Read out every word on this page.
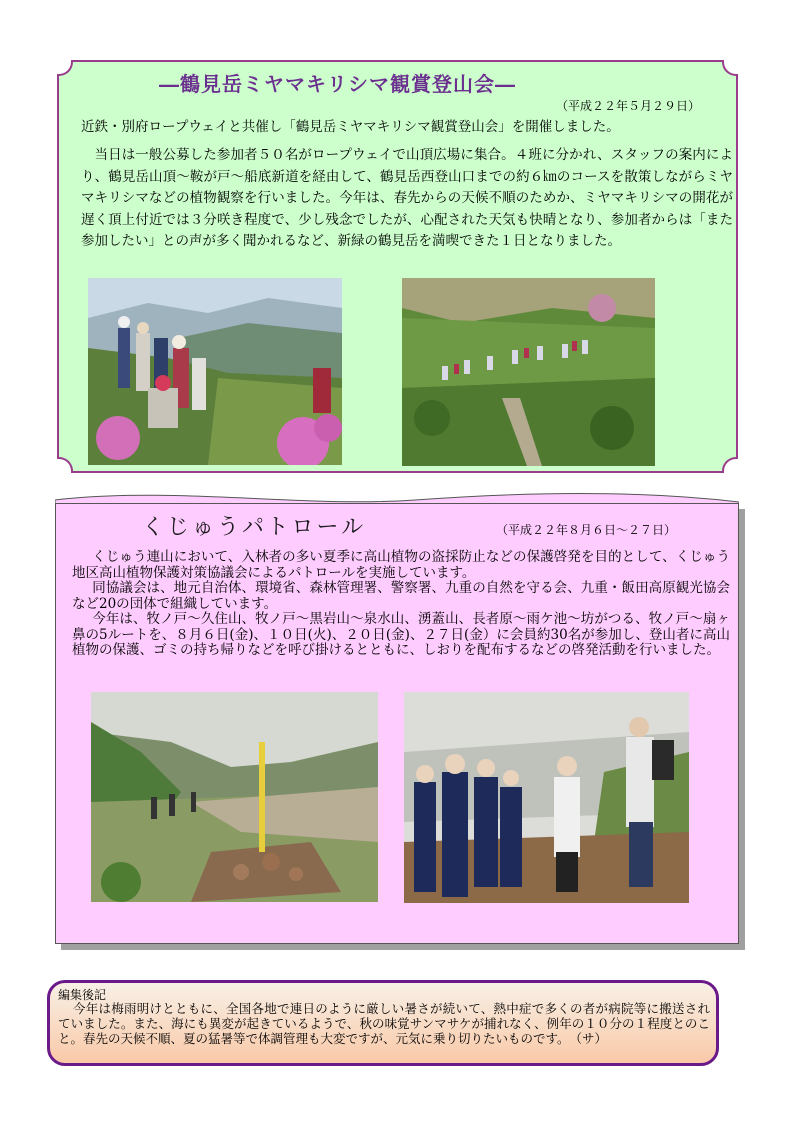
―鶴見岳ミヤマキリシマ観賞登山会―
（平成２２年５月２９日）
近鉄・別府ロープウェイと共催し「鶴見岳ミヤマキリシマ観賞登山会」を開催しました。
当日は一般公募した参加者５０名がロープウェイで山頂広場に集合。４班に分かれ、スタッフの案内により、鶴見岳山頂～鞍が戸～船底新道を経由して、鶴見岳西登山口までの約６㎞のコースを散策しながらミヤマキリシマなどの植物観察を行いました。今年は、春先からの天候不順のためか、ミヤマキリシマの開花が遅く頂上付近では３分咲き程度で、少し残念でしたが、心配された天気も快晴となり、参加者からは「また参加したい」との声が多く聞かれるなど、新緑の鶴見岳を満喫できた１日となりました。
くじゅうパトロール	（平成２２年８月６日～２７日）

くじゅう連山において、入林者の多い夏季に高山植物の盗採防止などの保護啓発を目的として、くじゅう地区高山植物保護対策協議会によるパトロールを実施しています。

同協議会は、地元自治体、環境省、森林管理署、警察署、九重の自然を守る会、九重・飯田高原観光協会など20の団体で組織しています。

今年は、牧ノ戸～久住山、牧ノ戸～黒岩山～泉水山、湧蓋山、長者原～雨ケ池～坊がつる、牧ノ戸～扇ヶ鼻の5ルートを、８月６日(金)、１０日(火)、２０日(金)、２７日(金）に会員約30名が参加し、登山者に高山植物の保護、ゴミの持ち帰りなどを呼び掛けるとともに、しおりを配布するなどの啓発活動を行いました。

編集後記
今年は梅雨明けとともに、全国各地で連日のように厳しい暑さが続いて、熱中症で多くの者が病院等に搬送されていました。また、海にも異変が起きているようで、秋の味覚サンマサケが捕れなく、例年の１０分の１程度とのこと。春先の天候不順、夏の猛暑等で体調管理も大変ですが、元気に乗り切りたいものです。　（サ）
